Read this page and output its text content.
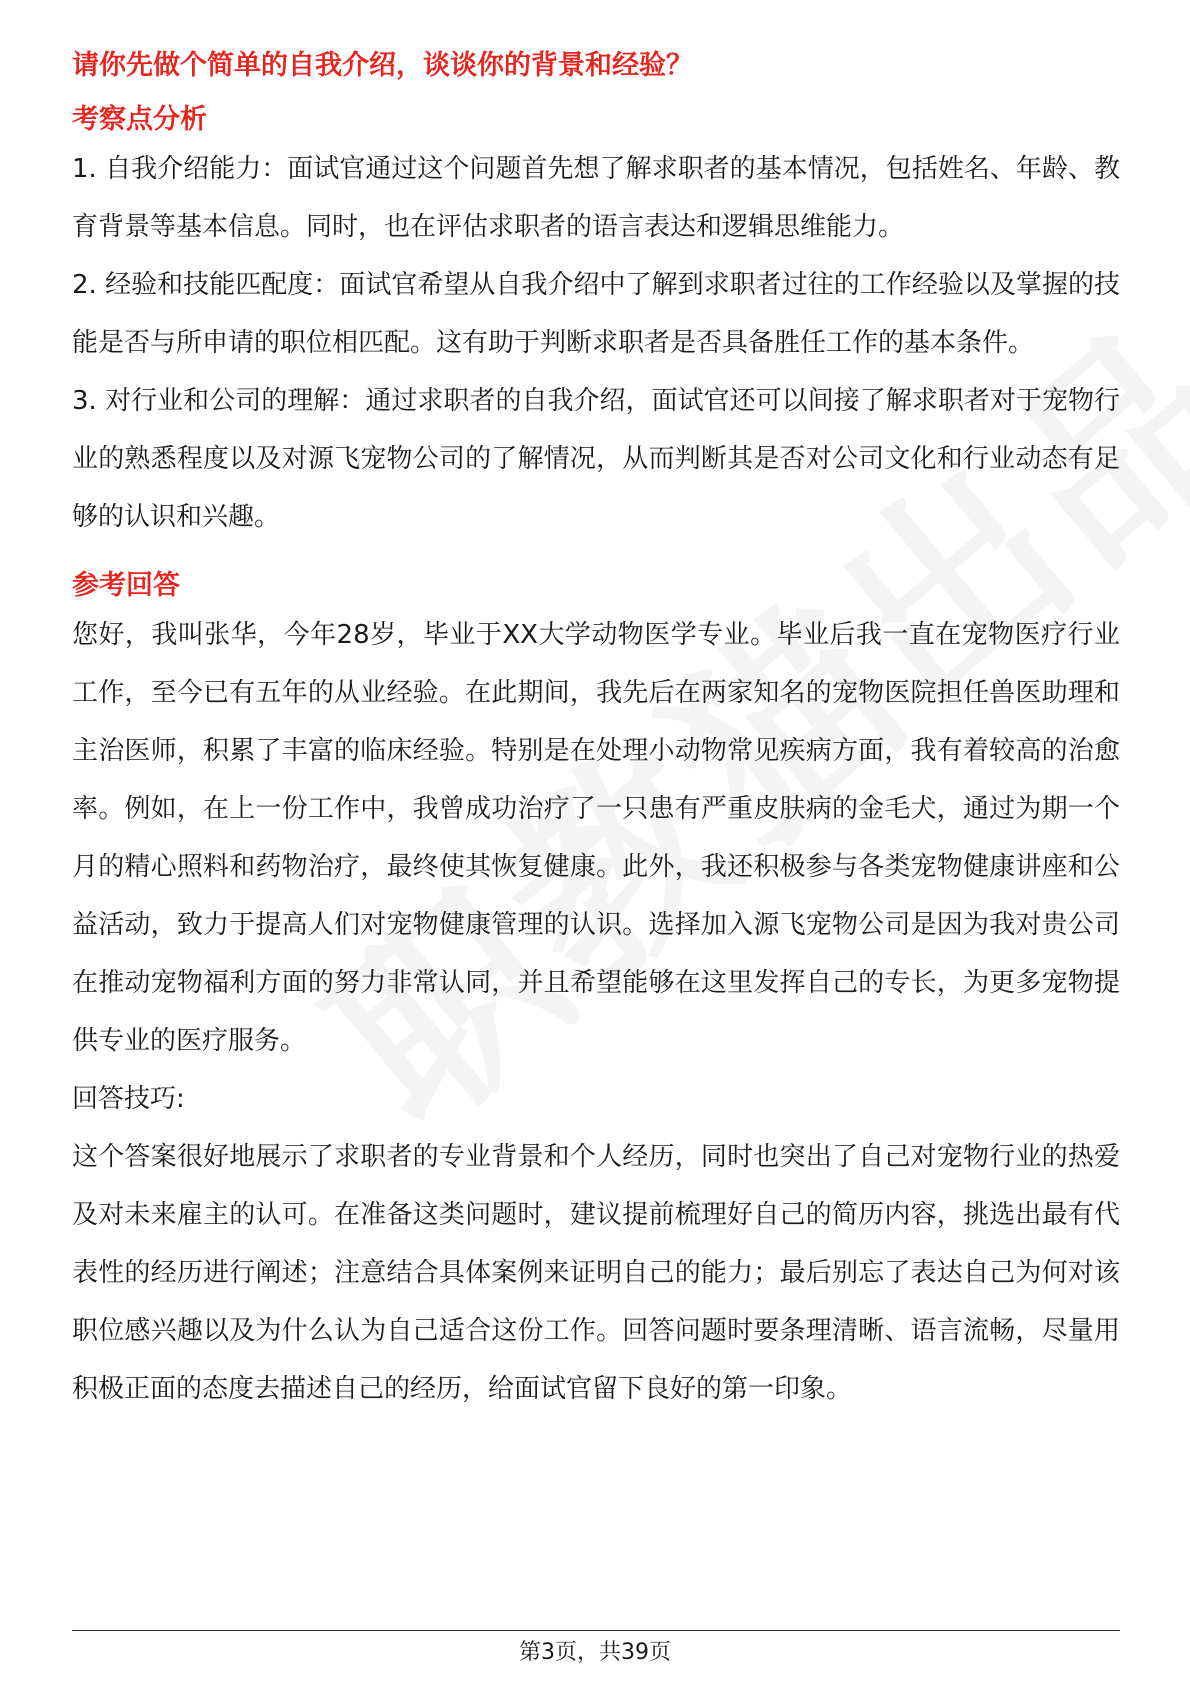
请你先做个简单的自我介绍，谈谈你的背景和经验？

考察点分析

1. 自我介绍能力：面试官通过这个问题首先想了解求职者的基本情况，包括姓名、年龄、教育背景等基本信息。同时，也在评估求职者的语言表达和逻辑思维能力。

2. 经验和技能匹配度：面试官希望从自我介绍中了解到求职者过往的工作经验以及掌握的技能是否与所申请的职位相匹配。这有助于判断求职者是否具备胜任工作的基本条件。

3. 对行业和公司的理解：通过求职者的自我介绍，面试官还可以间接了解求职者对于宠物行业的熟悉程度以及对源飞宠物公司的了解情况，从而判断其是否对公司文化和行业动态有足够的认识和兴趣。

参考回答

您好，我叫张华，今年28岁，毕业于XX大学动物医学专业。毕业后我一直在宠物医疗行业工作，至今已有五年的从业经验。在此期间，我先后在两家知名的宠物医院担任兽医助理和主治医师，积累了丰富的临床经验。特别是在处理小动物常见疾病方面，我有着较高的治愈率。例如，在上一份工作中，我曾成功治疗了一只患有严重皮肤病的金毛犬，通过为期一个月的精心照料和药物治疗，最终使其恢复健康。此外，我还积极参与各类宠物健康讲座和公益活动，致力于提高人们对宠物健康管理的认识。选择加入源飞宠物公司是因为我对贵公司在推动宠物福利方面的努力非常认同，并且希望能够在这里发挥自己的专长，为更多宠物提供专业的医疗服务。

回答技巧:

这个答案很好地展示了求职者的专业背景和个人经历，同时也突出了自己对宠物行业的热爱及对未来雇主的认可。在准备这类问题时，建议提前梳理好自己的简历内容，挑选出最有代表性的经历进行阐述；注意结合具体案例来证明自己的能力；最后别忘了表达自己为何对该职位感兴趣以及为什么认为自己适合这份工作。回答问题时要条理清晰、语言流畅，尽量用积极正面的态度去描述自己的经历，给面试官留下良好的第一印象。

第3页，共39页
